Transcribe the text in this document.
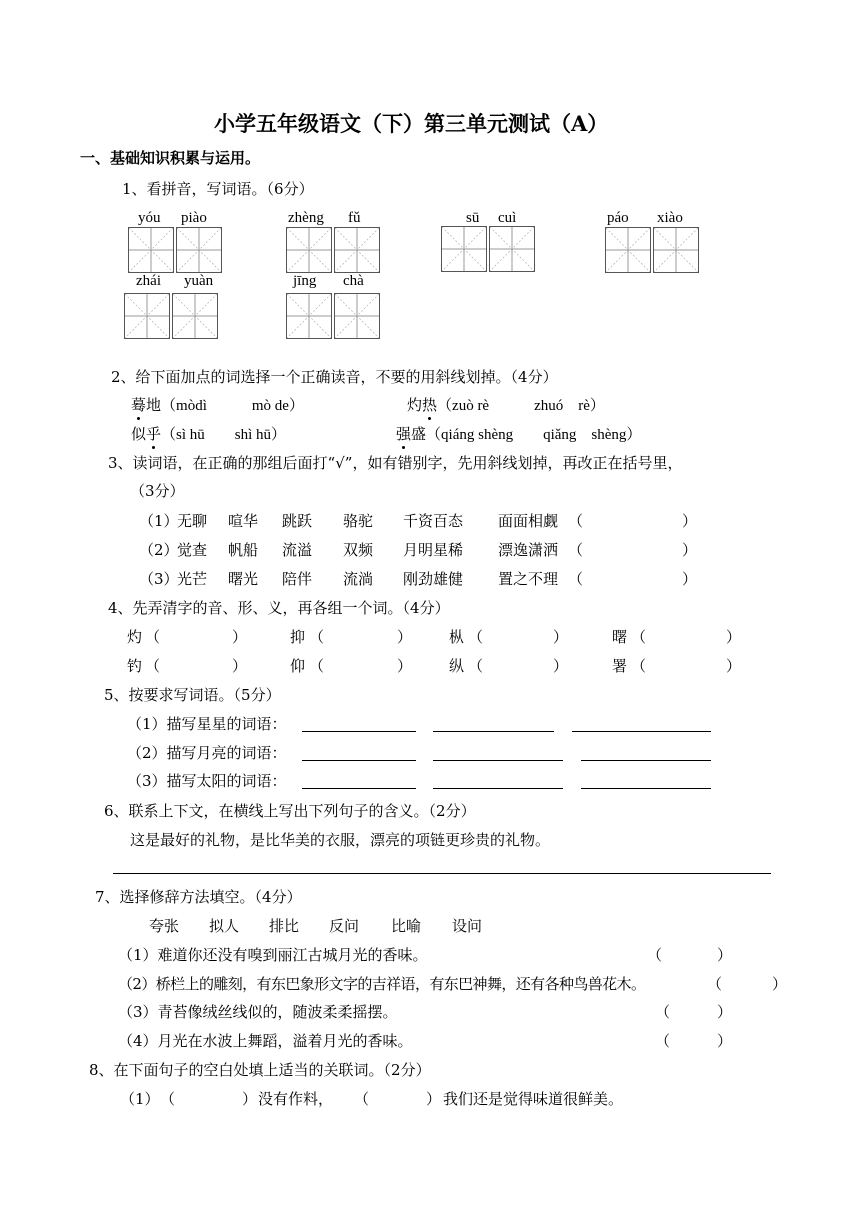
小学五年级语文（下）第三单元测试（A）
一、基础知识积累与运用。
1、看拼音，写词语。（6分）
yóu piào	zhèng fǔ	sū cuì	páo xiào
zhái yuàn	jīng chà
2、给下面加点的词选择一个正确读音，不要的用斜线划掉。（4分）
蓦地（mòdì　　　mò de）	灼热（zuò rè　　　zhuó　rè）
似乎（sì hū　　shì hū）	强盛（qiáng shèng　　qiǎng　shèng）
3、读词语，在正确的那组后面打“√”，如有错别字，先用斜线划掉，再改正在括号里，
（3分）
（1）
无聊 喧华 跳跃 骆驼 千资百态 面面相觑 （	）
（2）
觉查 帆船 流溢 双频 月明星稀 漂逸潇洒 （	）
（3）
光芒 曙光 陪伴 流淌 刚劲雄健 置之不理 （	）
4、先弄清字的音、形、义，再各组一个词。（4分）
灼 （	）	抑 （	） 枞 （	）	曙 （	）
钓 （	）	仰 （	） 纵 （	）	署 （	）
5、按要求写词语。（5分）
（1）描写星星的词语：
（2）描写月亮的词语：
（3）描写太阳的词语：
6、联系上下文，在横线上写出下列句子的含义。（2分）
这是最好的礼物，是比华美的衣服，漂亮的项链更珍贵的礼物。
7、选择修辞方法填空。（4分）
夸张 拟人 排比 反问 比喻 设问
（1）难道你还没有嗅到丽江古城月光的香味。	（	）
（2）桥栏上的雕刻，有东巴象形文字的吉祥语，有东巴神舞，还有各种鸟兽花木。	（	）
（3）青苔像绒丝线似的，随波柔柔摇摆。	（	）
（4）月光在水波上舞蹈，溢着月光的香味。	（	）
8、在下面句子的空白处填上适当的关联词。（2分）
（1） （	） 没有作料， （	） 我们还是觉得味道很鲜美。
